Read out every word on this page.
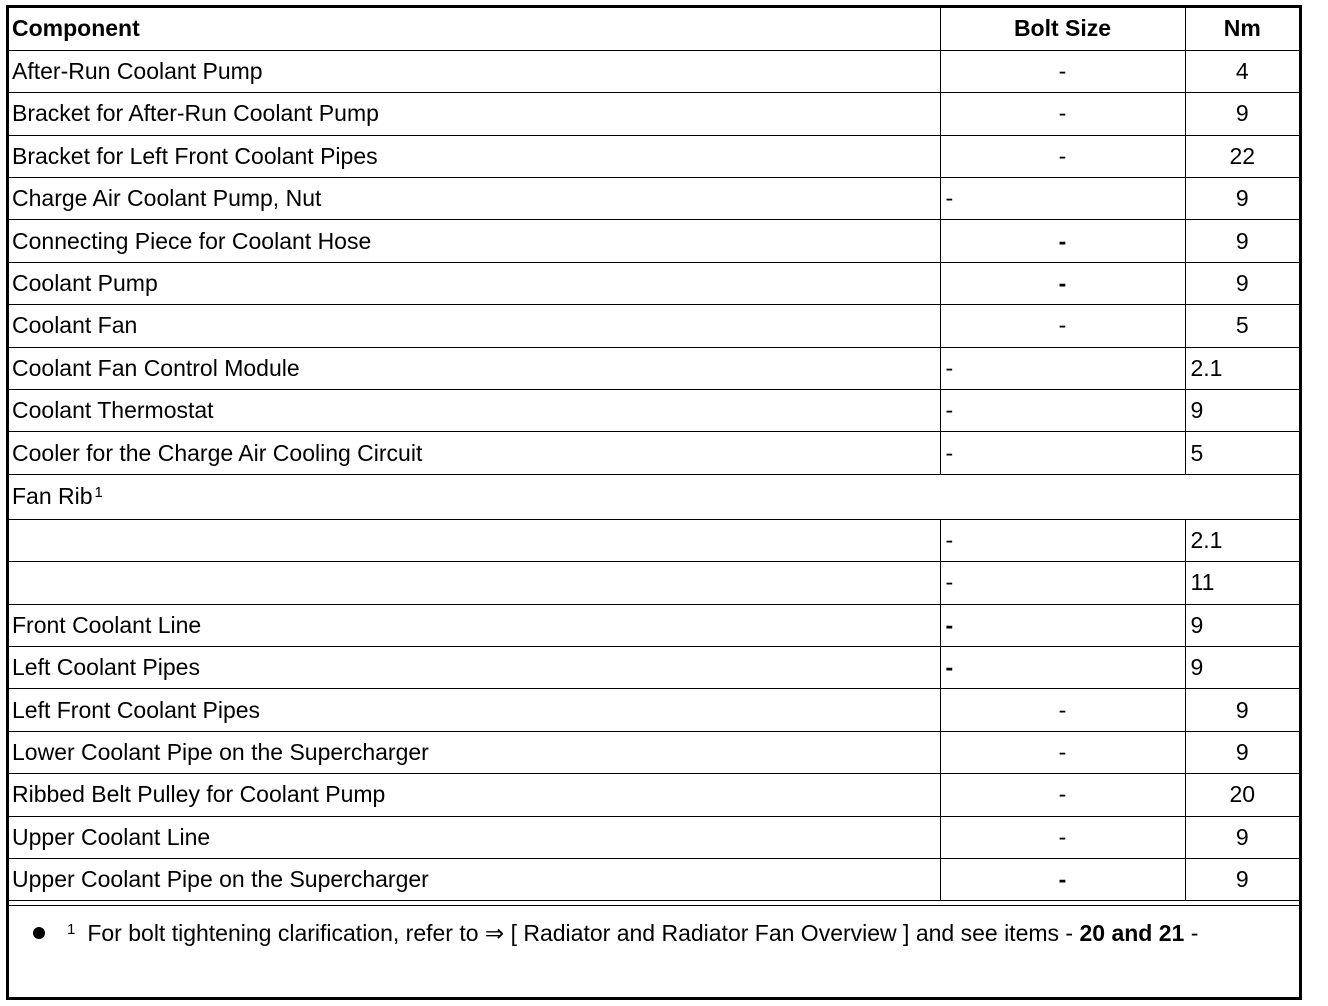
Component	Bolt Size	Nm
After-Run Coolant Pump	-	4
Bracket for After-Run Coolant Pump	-	9
Bracket for Left Front Coolant Pipes	-	22
Charge Air Coolant Pump, Nut	-	9
Connecting Piece for Coolant Hose	-	9
Coolant Pump	-	9
Coolant Fan	-	5
Coolant Fan Control Module	-	2.1
Coolant Thermostat	-	9
Cooler for the Charge Air Cooling Circuit	-	5
Fan Rib $^1$
	-	2.1
	-	11
Front Coolant Line	-	9
Left Coolant Pipes	-	9
Left Front Coolant Pipes	-	9
Lower Coolant Pipe on the Supercharger	-	9
Ribbed Belt Pulley for Coolant Pump	-	20
Upper Coolant Line	-	9
Upper Coolant Pipe on the Supercharger	-	9
$^1$ For bolt tightening clarification, refer to ⇒ [ Radiator and Radiator Fan Overview ] and see items - 20 and 21 -
